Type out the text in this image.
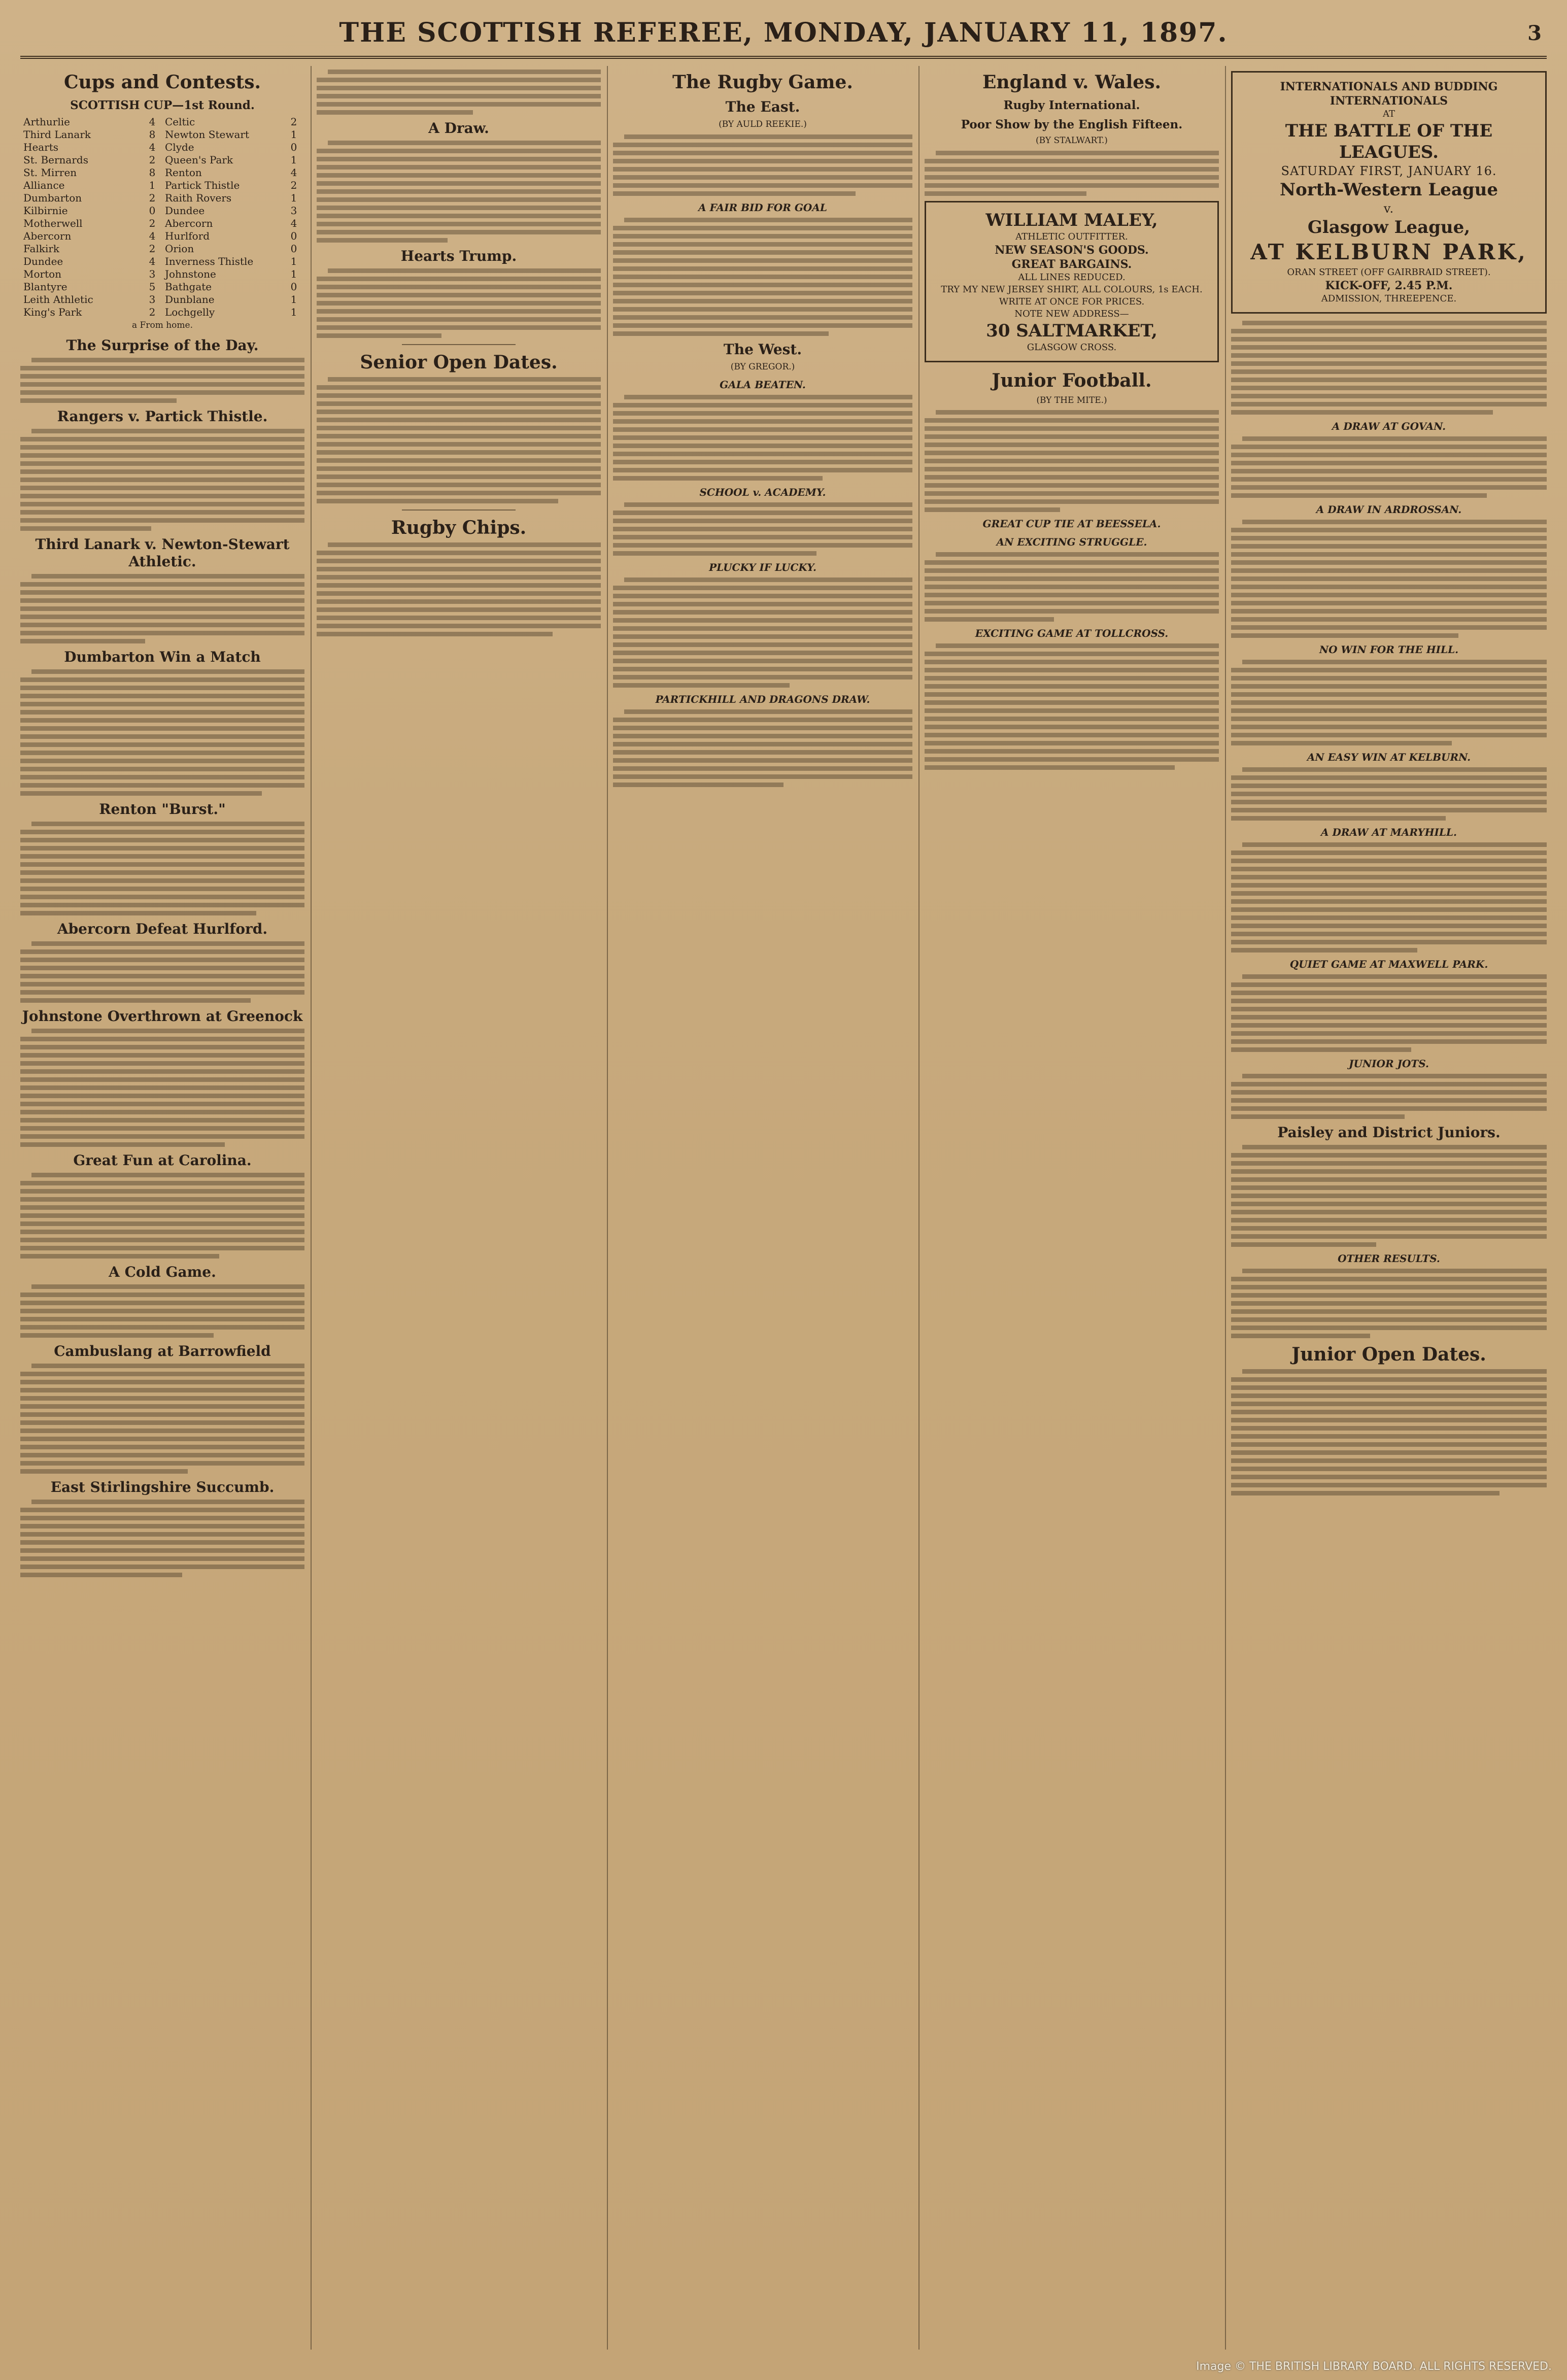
THE SCOTTISH REFEREE, MONDAY, JANUARY 11, 1897.	3
Cups and Contests.
SCOTTISH CUP—1st Round.
Arthurlie	4 Celtic	2
Third Lanark	8 Newton Stewart	1
Hearts	4 Clyde	0
St. Bernards	2 Queen's Park	1
St. Mirren	8 Renton	4
Alliance	1 Partick Thistle	2
Dumbarton	2 Raith Rovers	1
Kilbirnie	0 Dundee	3
Motherwell	2 Abercorn	4
Abercorn	4 Hurlford	0
Falkirk	2 Orion	0
Dundee	4 Inverness Thistle	1
Morton	3 Johnstone	1
Blantyre	5 Bathgate	0
Leith Athletic	3 Dunblane	1
King's Park	2 Lochgelly	1
a From home.
The Surprise of the Day.
Rangers v. Partick Thistle.
Third Lanark v. Newton-Stewart Athletic.
Dumbarton Win a Match
Renton "Burst."
Abercorn Defeat Hurlford.
Johnstone Overthrown at Greenock
Great Fun at Carolina.
A Cold Game.
Cambuslang at Barrowfield
East Stirlingshire Succumb.
A Draw.
Hearts Trump.
Senior Open Dates.
Rugby Chips.
The Rugby Game.
The East.
(BY AULD REEKIE.)
A FAIR BID FOR GOAL
The West.
(BY GREGOR.)
GALA BEATEN.
SCHOOL v. ACADEMY.
PLUCKY IF LUCKY.
PARTICKHILL AND DRAGONS DRAW.
England v. Wales.
Rugby International.
Poor Show by the English Fifteen.
(BY STALWART.)
WILLIAM MALEY,
ATHLETIC OUTFITTER.
NEW SEASON'S GOODS.
GREAT BARGAINS.
ALL LINES REDUCED.
TRY MY NEW JERSEY SHIRT, ALL COLOURS, 1s EACH.
WRITE AT ONCE FOR PRICES.
NOTE NEW ADDRESS—
30 SALTMARKET,
GLASGOW CROSS.
Junior Football.
(BY THE MITE.)
GREAT CUP TIE AT BEESSELA.
AN EXCITING STRUGGLE.
EXCITING GAME AT TOLLCROSS.
INTERNATIONALS AND BUDDING INTERNATIONALS
AT
THE BATTLE OF THE LEAGUES.
SATURDAY FIRST, JANUARY 16.
North-Western League
v.
Glasgow League,
AT KELBURN PARK,
ORAN STREET (OFF GAIRBRAID STREET).
KICK-OFF, 2.45 P.M.
ADMISSION, THREEPENCE.
A DRAW AT GOVAN.
A DRAW IN ARDROSSAN.
NO WIN FOR THE HILL.
AN EASY WIN AT KELBURN.
A DRAW AT MARYHILL.
QUIET GAME AT MAXWELL PARK.
JUNIOR JOTS.
Paisley and District Juniors.
OTHER RESULTS.
Junior Open Dates.
Image © THE BRITISH LIBRARY BOARD. ALL RIGHTS RESERVED.
